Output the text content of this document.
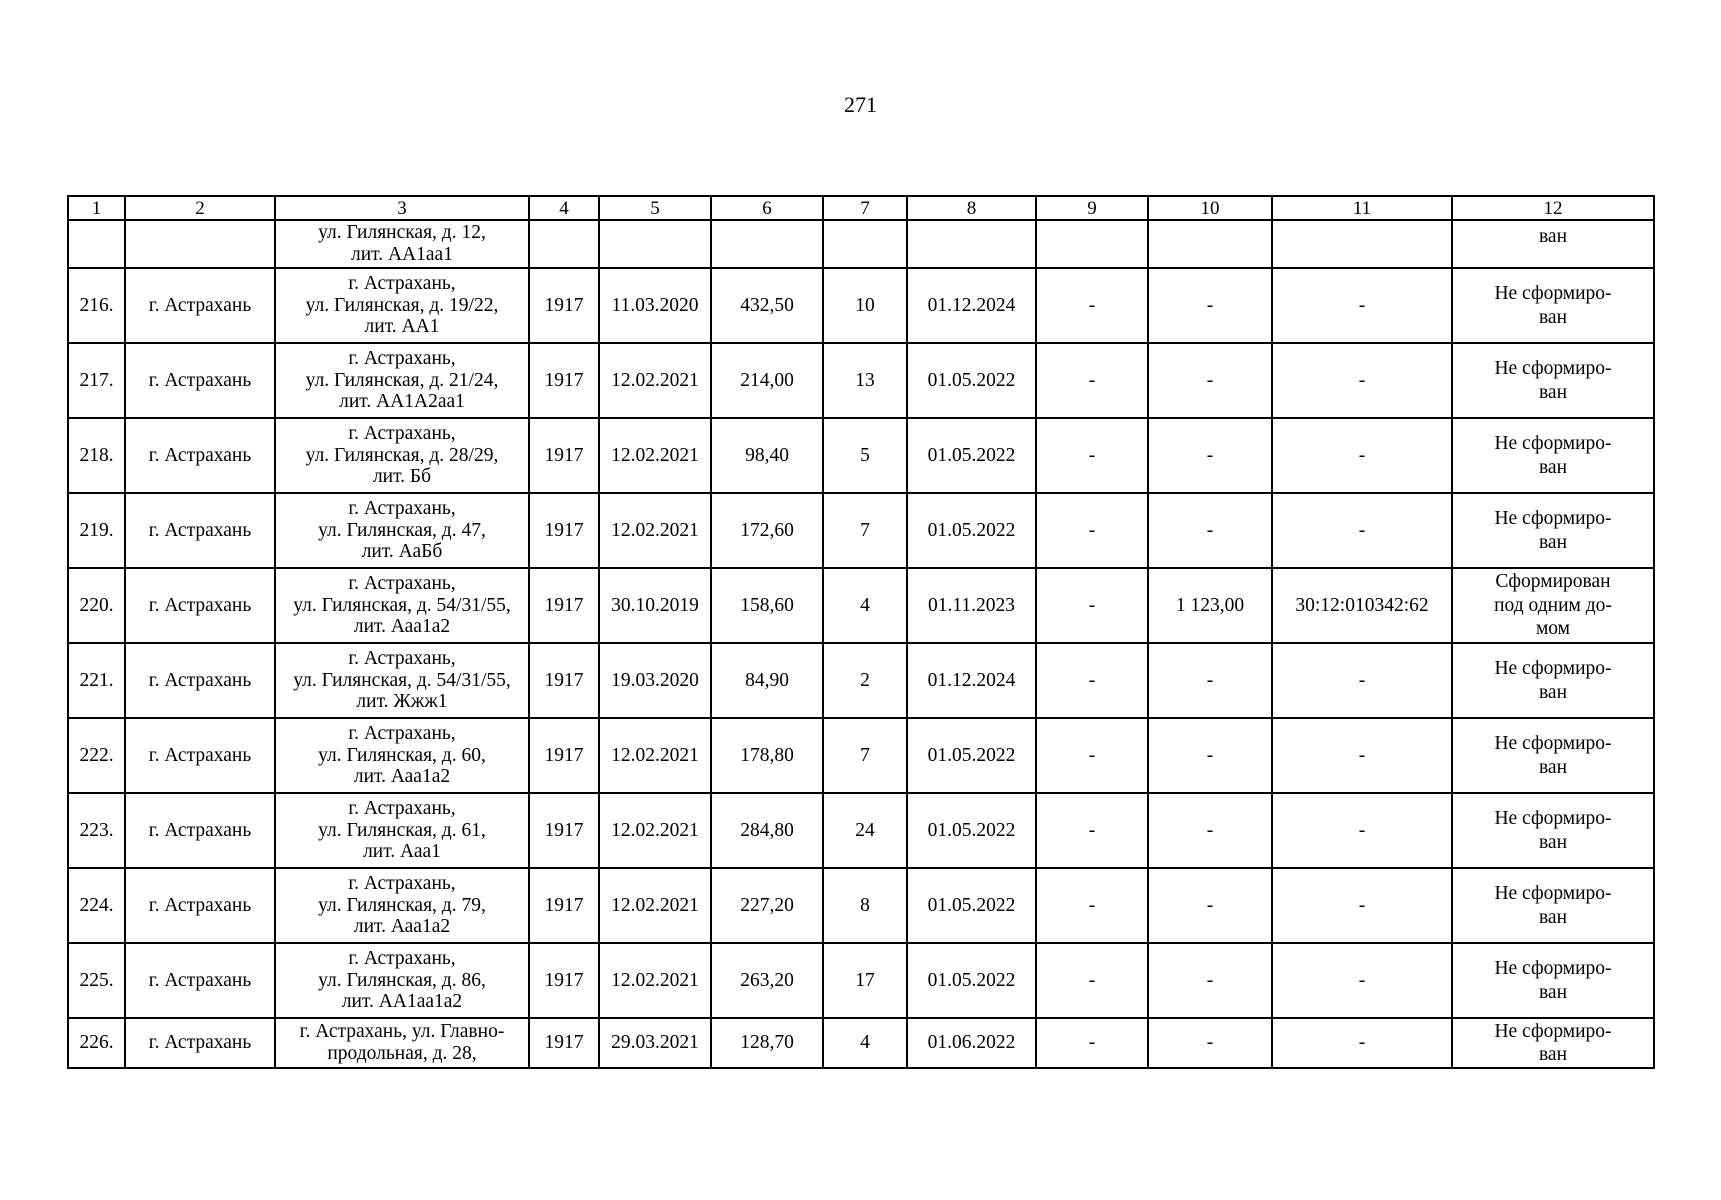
271
1	2	3	4	5	6	7	8	9	10	11	12
		ул. Гилянская, д. 12,
лит. АА1аа1									ван
216.	г. Астрахань	г. Астрахань,
ул. Гилянская, д. 19/22,
лит. АА1	1917	11.03.2020	432,50	10	01.12.2024	-	-	-	Не сформиро-
ван
217.	г. Астрахань	г. Астрахань,
ул. Гилянская, д. 21/24,
лит. АА1А2аа1	1917	12.02.2021	214,00	13	01.05.2022	-	-	-	Не сформиро-
ван
218.	г. Астрахань	г. Астрахань,
ул. Гилянская, д. 28/29,
лит. Бб	1917	12.02.2021	98,40	5	01.05.2022	-	-	-	Не сформиро-
ван
219.	г. Астрахань	г. Астрахань,
ул. Гилянская, д. 47,
лит. АаБб	1917	12.02.2021	172,60	7	01.05.2022	-	-	-	Не сформиро-
ван
220.	г. Астрахань	г. Астрахань,
ул. Гилянская, д. 54/31/55,
лит. Ааа1а2	1917	30.10.2019	158,60	4	01.11.2023	-	1 123,00	30:12:010342:62	Сформирован
под одним до-
мом
221.	г. Астрахань	г. Астрахань,
ул. Гилянская, д. 54/31/55,
лит. Жжж1	1917	19.03.2020	84,90	2	01.12.2024	-	-	-	Не сформиро-
ван
222.	г. Астрахань	г. Астрахань,
ул. Гилянская, д. 60,
лит. Ааа1а2	1917	12.02.2021	178,80	7	01.05.2022	-	-	-	Не сформиро-
ван
223.	г. Астрахань	г. Астрахань,
ул. Гилянская, д. 61,
лит. Ааа1	1917	12.02.2021	284,80	24	01.05.2022	-	-	-	Не сформиро-
ван
224.	г. Астрахань	г. Астрахань,
ул. Гилянская, д. 79,
лит. Ааа1а2	1917	12.02.2021	227,20	8	01.05.2022	-	-	-	Не сформиро-
ван
225.	г. Астрахань	г. Астрахань,
ул. Гилянская, д. 86,
лит. АА1аа1а2	1917	12.02.2021	263,20	17	01.05.2022	-	-	-	Не сформиро-
ван
226.	г. Астрахань	г. Астрахань, ул. Главно-
продольная, д. 28,	1917	29.03.2021	128,70	4	01.06.2022	-	-	-	Не сформиро-
ван
